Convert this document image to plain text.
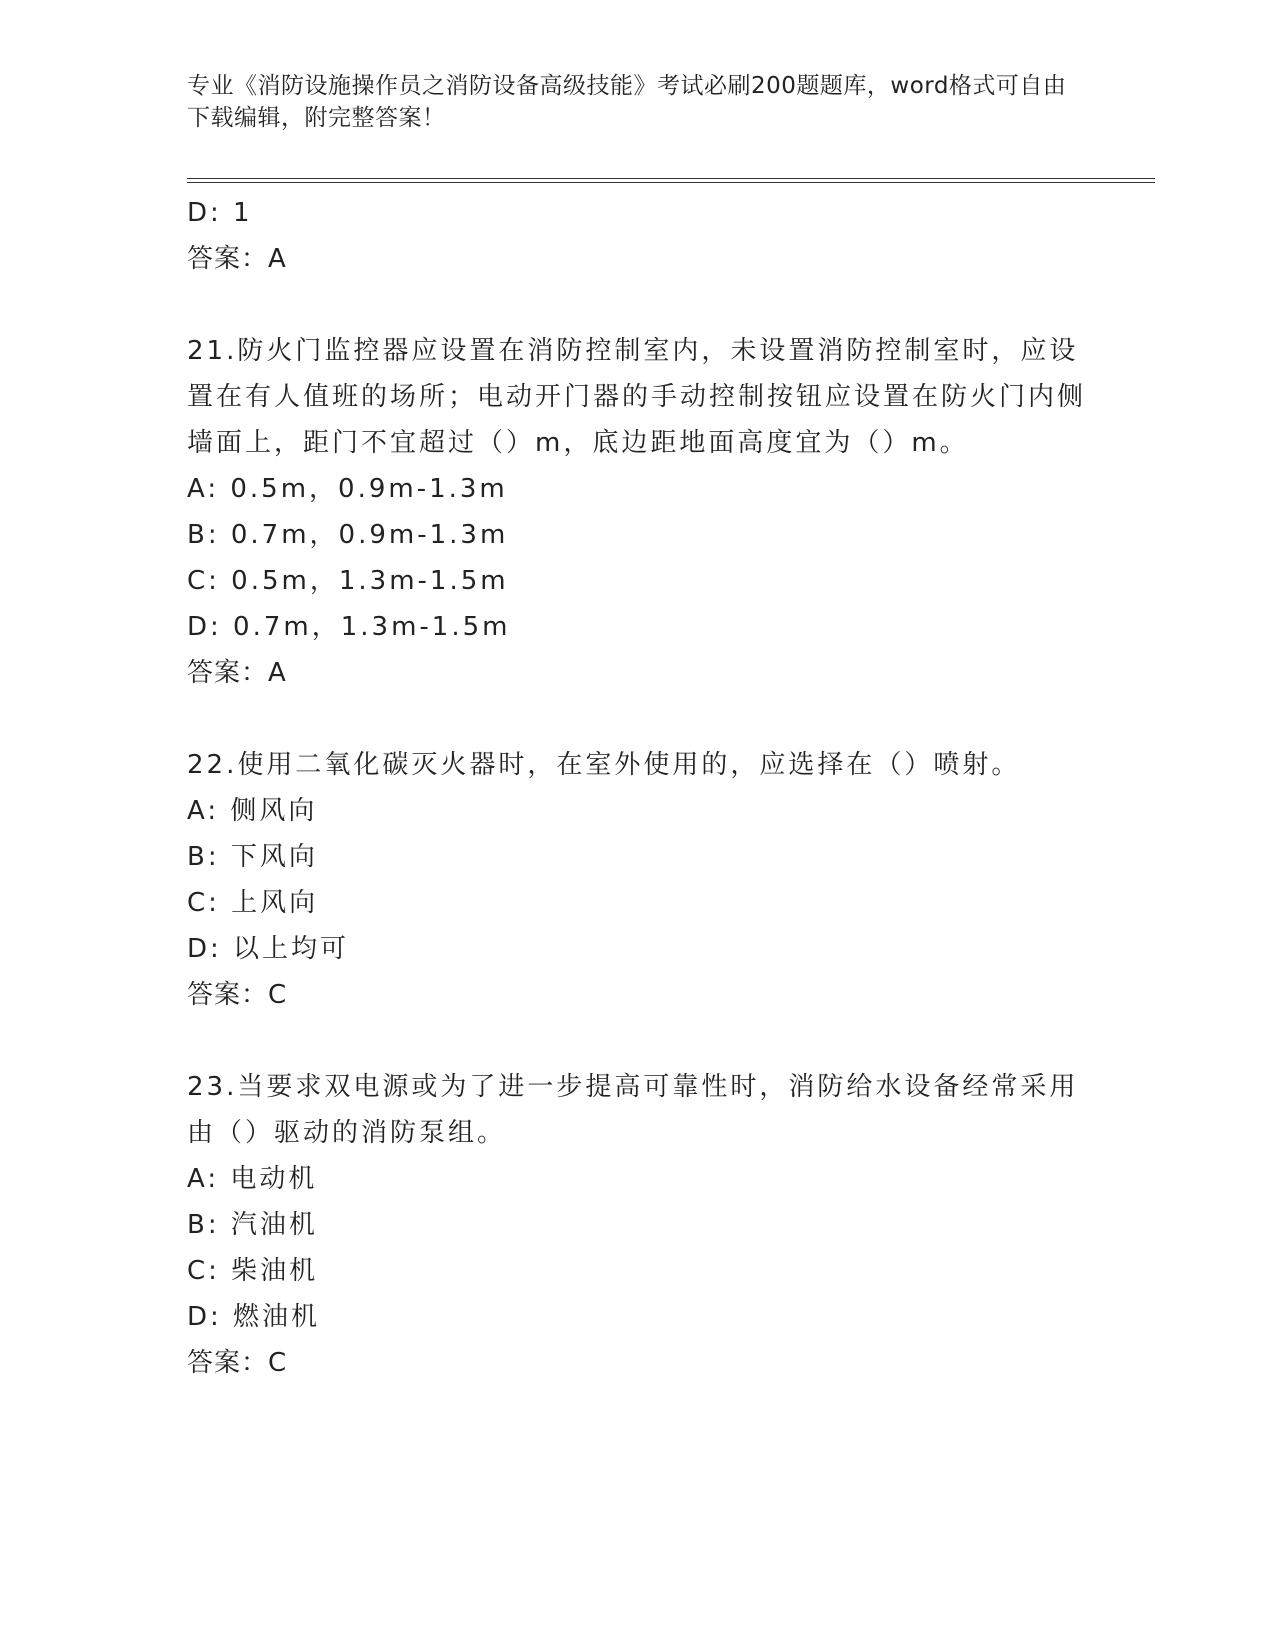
专业《消防设施操作员之消防设备高级技能》考试必刷200题题库，word格式可自由下载编辑，附完整答案！
D: 1
答案：A
21.防火门监控器应设置在消防控制室内，未设置消防控制室时，应设置在有人值班的场所；电动开门器的手动控制按钮应设置在防火门内侧墙面上，距门不宜超过（）m，底边距地面高度宜为（）m。
A: 0.5m，0.9m-1.3m
B: 0.7m，0.9m-1.3m
C: 0.5m，1.3m-1.5m
D: 0.7m，1.3m-1.5m
答案：A
22.使用二氧化碳灭火器时，在室外使用的，应选择在（）喷射。
A: 侧风向
B: 下风向
C: 上风向
D: 以上均可
答案：C
23.当要求双电源或为了进一步提高可靠性时，消防给水设备经常采用由（）驱动的消防泵组。
A: 电动机
B: 汽油机
C: 柴油机
D: 燃油机
答案：C
